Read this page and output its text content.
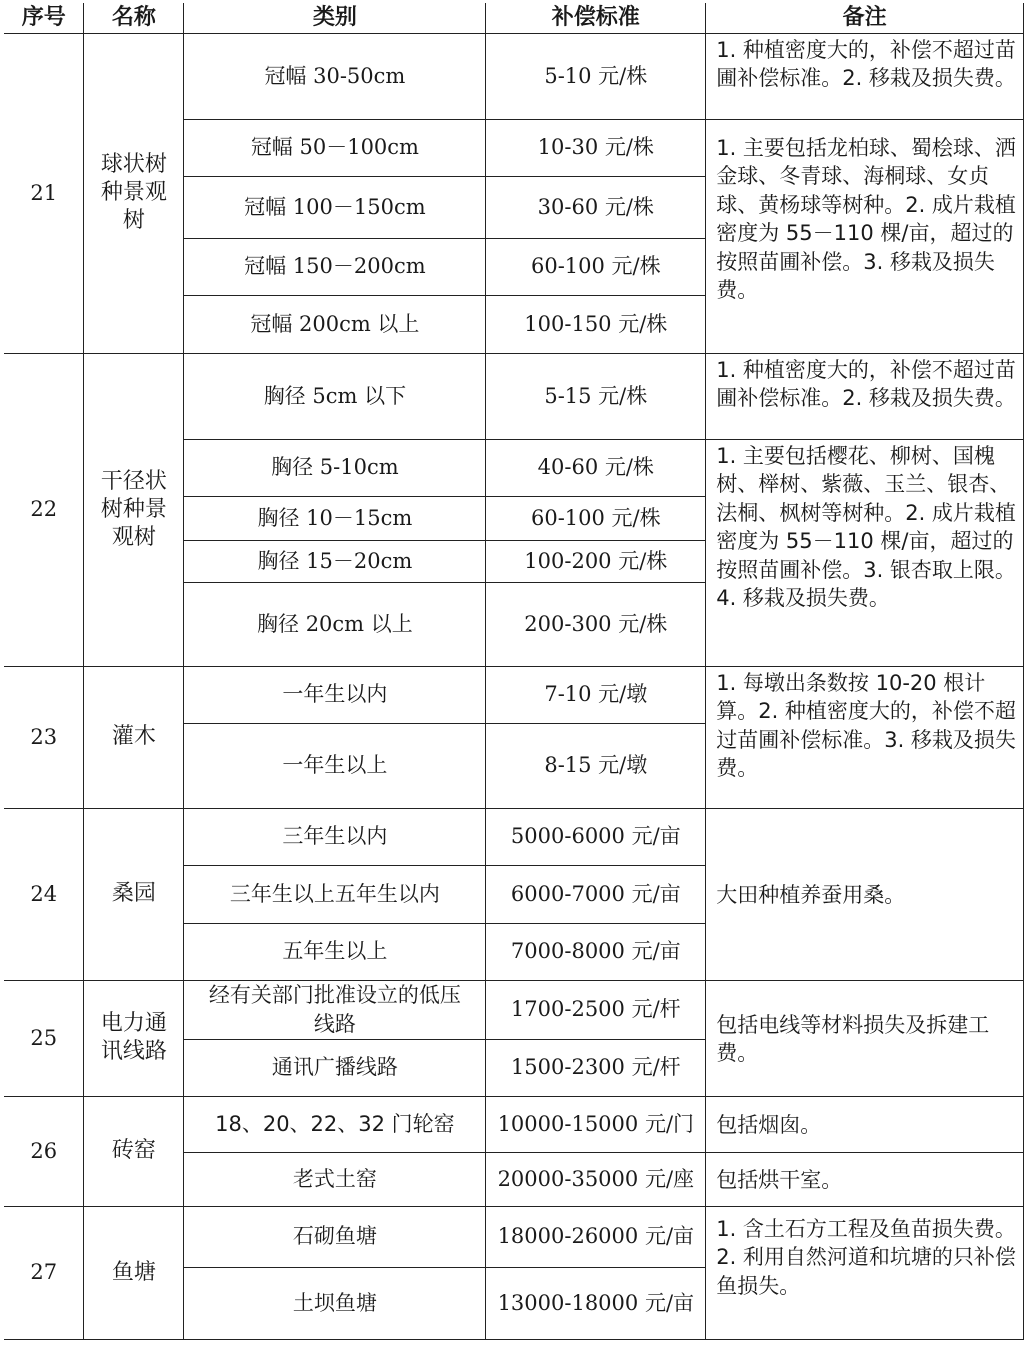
序号	名称	类别	补偿标准	备注
21	球状树种景观树	冠幅 30-50cm	5-10 元/株	1. 种植密度大的，补偿不超过苗圃补偿标准。2. 移栽及损失费。
		冠幅 50－100cm	10-30 元/株	1. 主要包括龙柏球、蜀桧球、洒金球、冬青球、海桐球、女贞球、黄杨球等树种。2. 成片栽植密度为 55－110 棵/亩，超过的按照苗圃补偿。3. 移栽及损失费。
		冠幅 100－150cm	30-60 元/株	
		冠幅 150－200cm	60-100 元/株	
		冠幅 200cm 以上	100-150 元/株	
22	干径状树种景观树	胸径 5cm 以下	5-15 元/株	1. 种植密度大的，补偿不超过苗圃补偿标准。2. 移栽及损失费。
		胸径 5-10cm	40-60 元/株	1. 主要包括樱花、柳树、国槐树、榉树、紫薇、玉兰、银杏、法桐、枫树等树种。2. 成片栽植密度为 55－110 棵/亩，超过的按照苗圃补偿。3. 银杏取上限。4. 移栽及损失费。
		胸径 10－15cm	60-100 元/株	
		胸径 15－20cm	100-200 元/株	
		胸径 20cm 以上	200-300 元/株	
23	灌木	一年生以内	7-10 元/墩	1. 每墩出条数按 10-20 根计算。2. 种植密度大的，补偿不超过苗圃补偿标准。3. 移栽及损失费。
		一年生以上	8-15 元/墩	
24	桑园	三年生以内	5000-6000 元/亩	大田种植养蚕用桑。
		三年生以上五年生以内	6000-7000 元/亩	
		五年生以上	7000-8000 元/亩	
25	电力通讯线路	经有关部门批准设立的低压线路	1700-2500 元/杆	包括电线等材料损失及拆建工费。
		通讯广播线路	1500-2300 元/杆	
26	砖窑	18、20、22、32 门轮窑	10000-15000 元/门	包括烟囱。
		老式土窑	20000-35000 元/座	包括烘干室。
27	鱼塘	石砌鱼塘	18000-26000 元/亩	1. 含土石方工程及鱼苗损失费。2. 利用自然河道和坑塘的只补偿鱼损失。
		土坝鱼塘	13000-18000 元/亩	
